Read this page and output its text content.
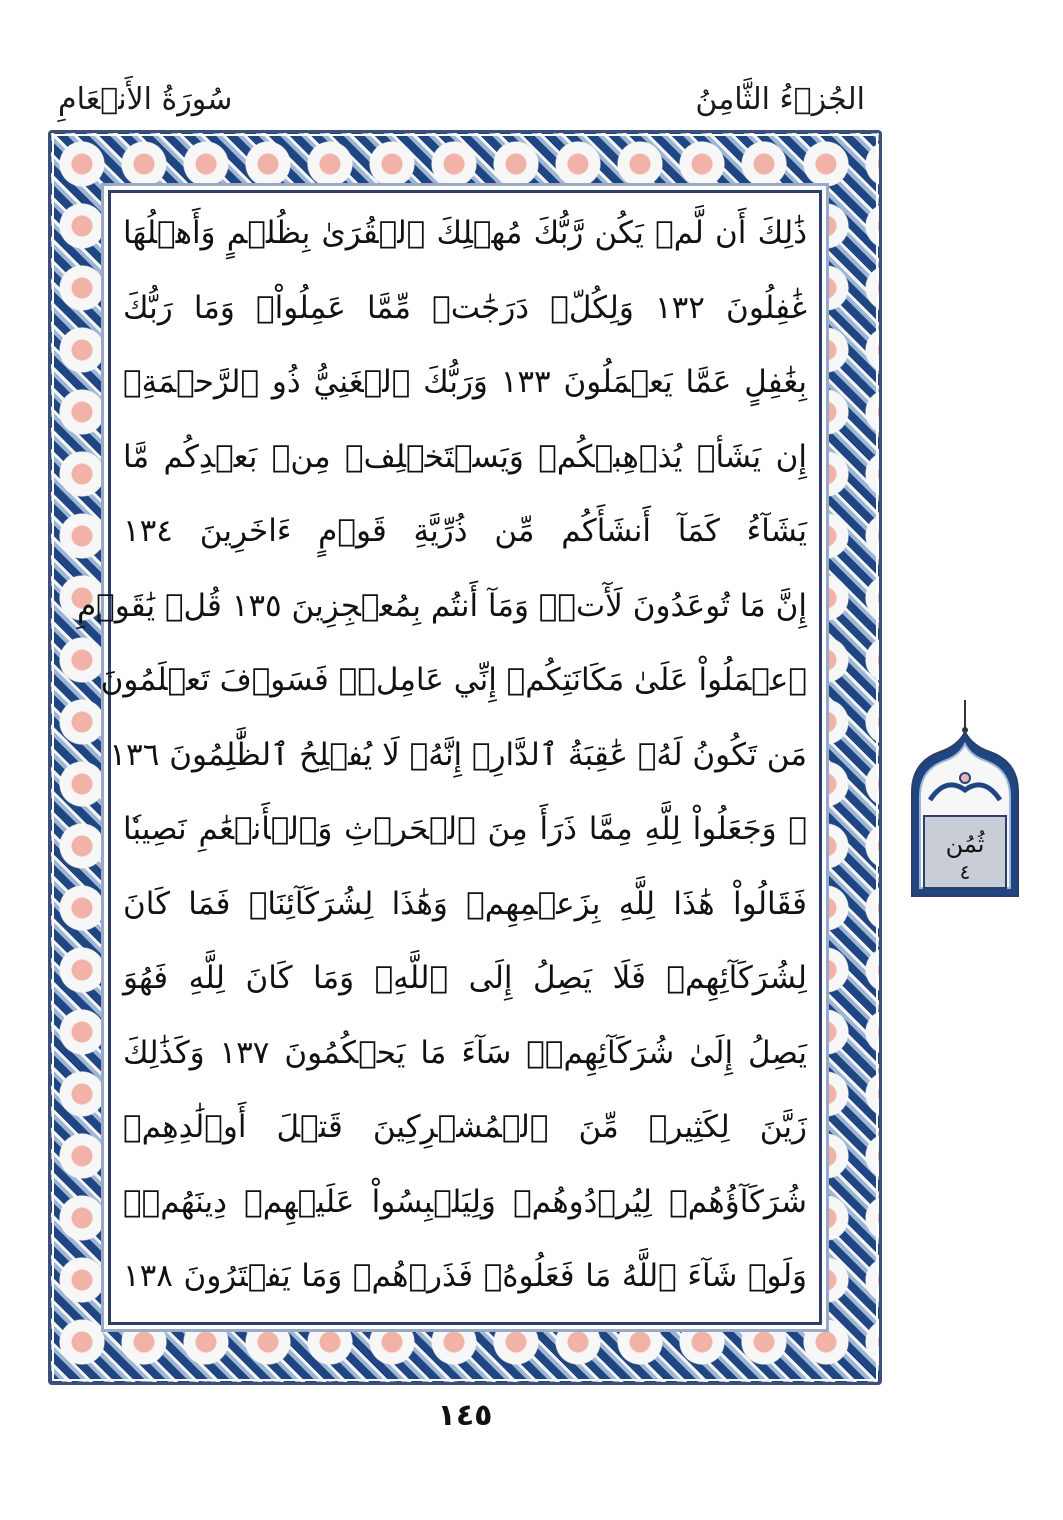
سُورَةُ الأَنۡعَامِ	الجُزۡءُ الثَّامِنُ
ذَٰلِكَ أَن لَّمۡ يَكُن رَّبُّكَ مُهۡلِكَ ٱلۡقُرَىٰ بِظُلۡمٍ وَأَهۡلُهَا
غَٰفِلُونَ ١٣٢ وَلِكُلّٖ دَرَجَٰتٞ مِّمَّا عَمِلُواْۚ وَمَا رَبُّكَ
بِغَٰفِلٍ عَمَّا يَعۡمَلُونَ ١٣٣ وَرَبُّكَ ٱلۡغَنِيُّ ذُو ٱلرَّحۡمَةِۚ
إِن يَشَأۡ يُذۡهِبۡكُمۡ وَيَسۡتَخۡلِفۡ مِنۢ بَعۡدِكُم مَّا
يَشَآءُ كَمَآ أَنشَأَكُم مِّن ذُرِّيَّةِ قَوۡمٍ ءَاخَرِينَ ١٣٤
إِنَّ مَا تُوعَدُونَ لَأٓتٖۖ وَمَآ أَنتُم بِمُعۡجِزِينَ ١٣٥ قُلۡ يَٰقَوۡمِ
ٱعۡمَلُواْ عَلَىٰ مَكَانَتِكُمۡ إِنِّي عَامِلٞۖ فَسَوۡفَ تَعۡلَمُونَ
مَن تَكُونُ لَهُۥ عَٰقِبَةُ ٱلدَّارِۚ إِنَّهُۥ لَا يُفۡلِحُ ٱلظَّٰلِمُونَ ١٣٦
۞ وَجَعَلُواْ لِلَّهِ مِمَّا ذَرَأَ مِنَ ٱلۡحَرۡثِ وَٱلۡأَنۡعَٰمِ نَصِيبٗا
فَقَالُواْ هَٰذَا لِلَّهِ بِزَعۡمِهِمۡ وَهَٰذَا لِشُرَكَآئِنَاۖ فَمَا كَانَ
لِشُرَكَآئِهِمۡ فَلَا يَصِلُ إِلَى ٱللَّهِۖ وَمَا كَانَ لِلَّهِ فَهُوَ
يَصِلُ إِلَىٰ شُرَكَآئِهِمۡۗ سَآءَ مَا يَحۡكُمُونَ ١٣٧ وَكَذَٰلِكَ
زَيَّنَ لِكَثِيرٖ مِّنَ ٱلۡمُشۡرِكِينَ قَتۡلَ أَوۡلَٰدِهِمۡ
شُرَكَآؤُهُمۡ لِيُرۡدُوهُمۡ وَلِيَلۡبِسُواْ عَلَيۡهِمۡ دِينَهُمۡۖ
وَلَوۡ شَآءَ ٱللَّهُ مَا فَعَلُوهُۖ فَذَرۡهُمۡ وَمَا يَفۡتَرُونَ ١٣٨
ثُمُن
٤
١٤٥
